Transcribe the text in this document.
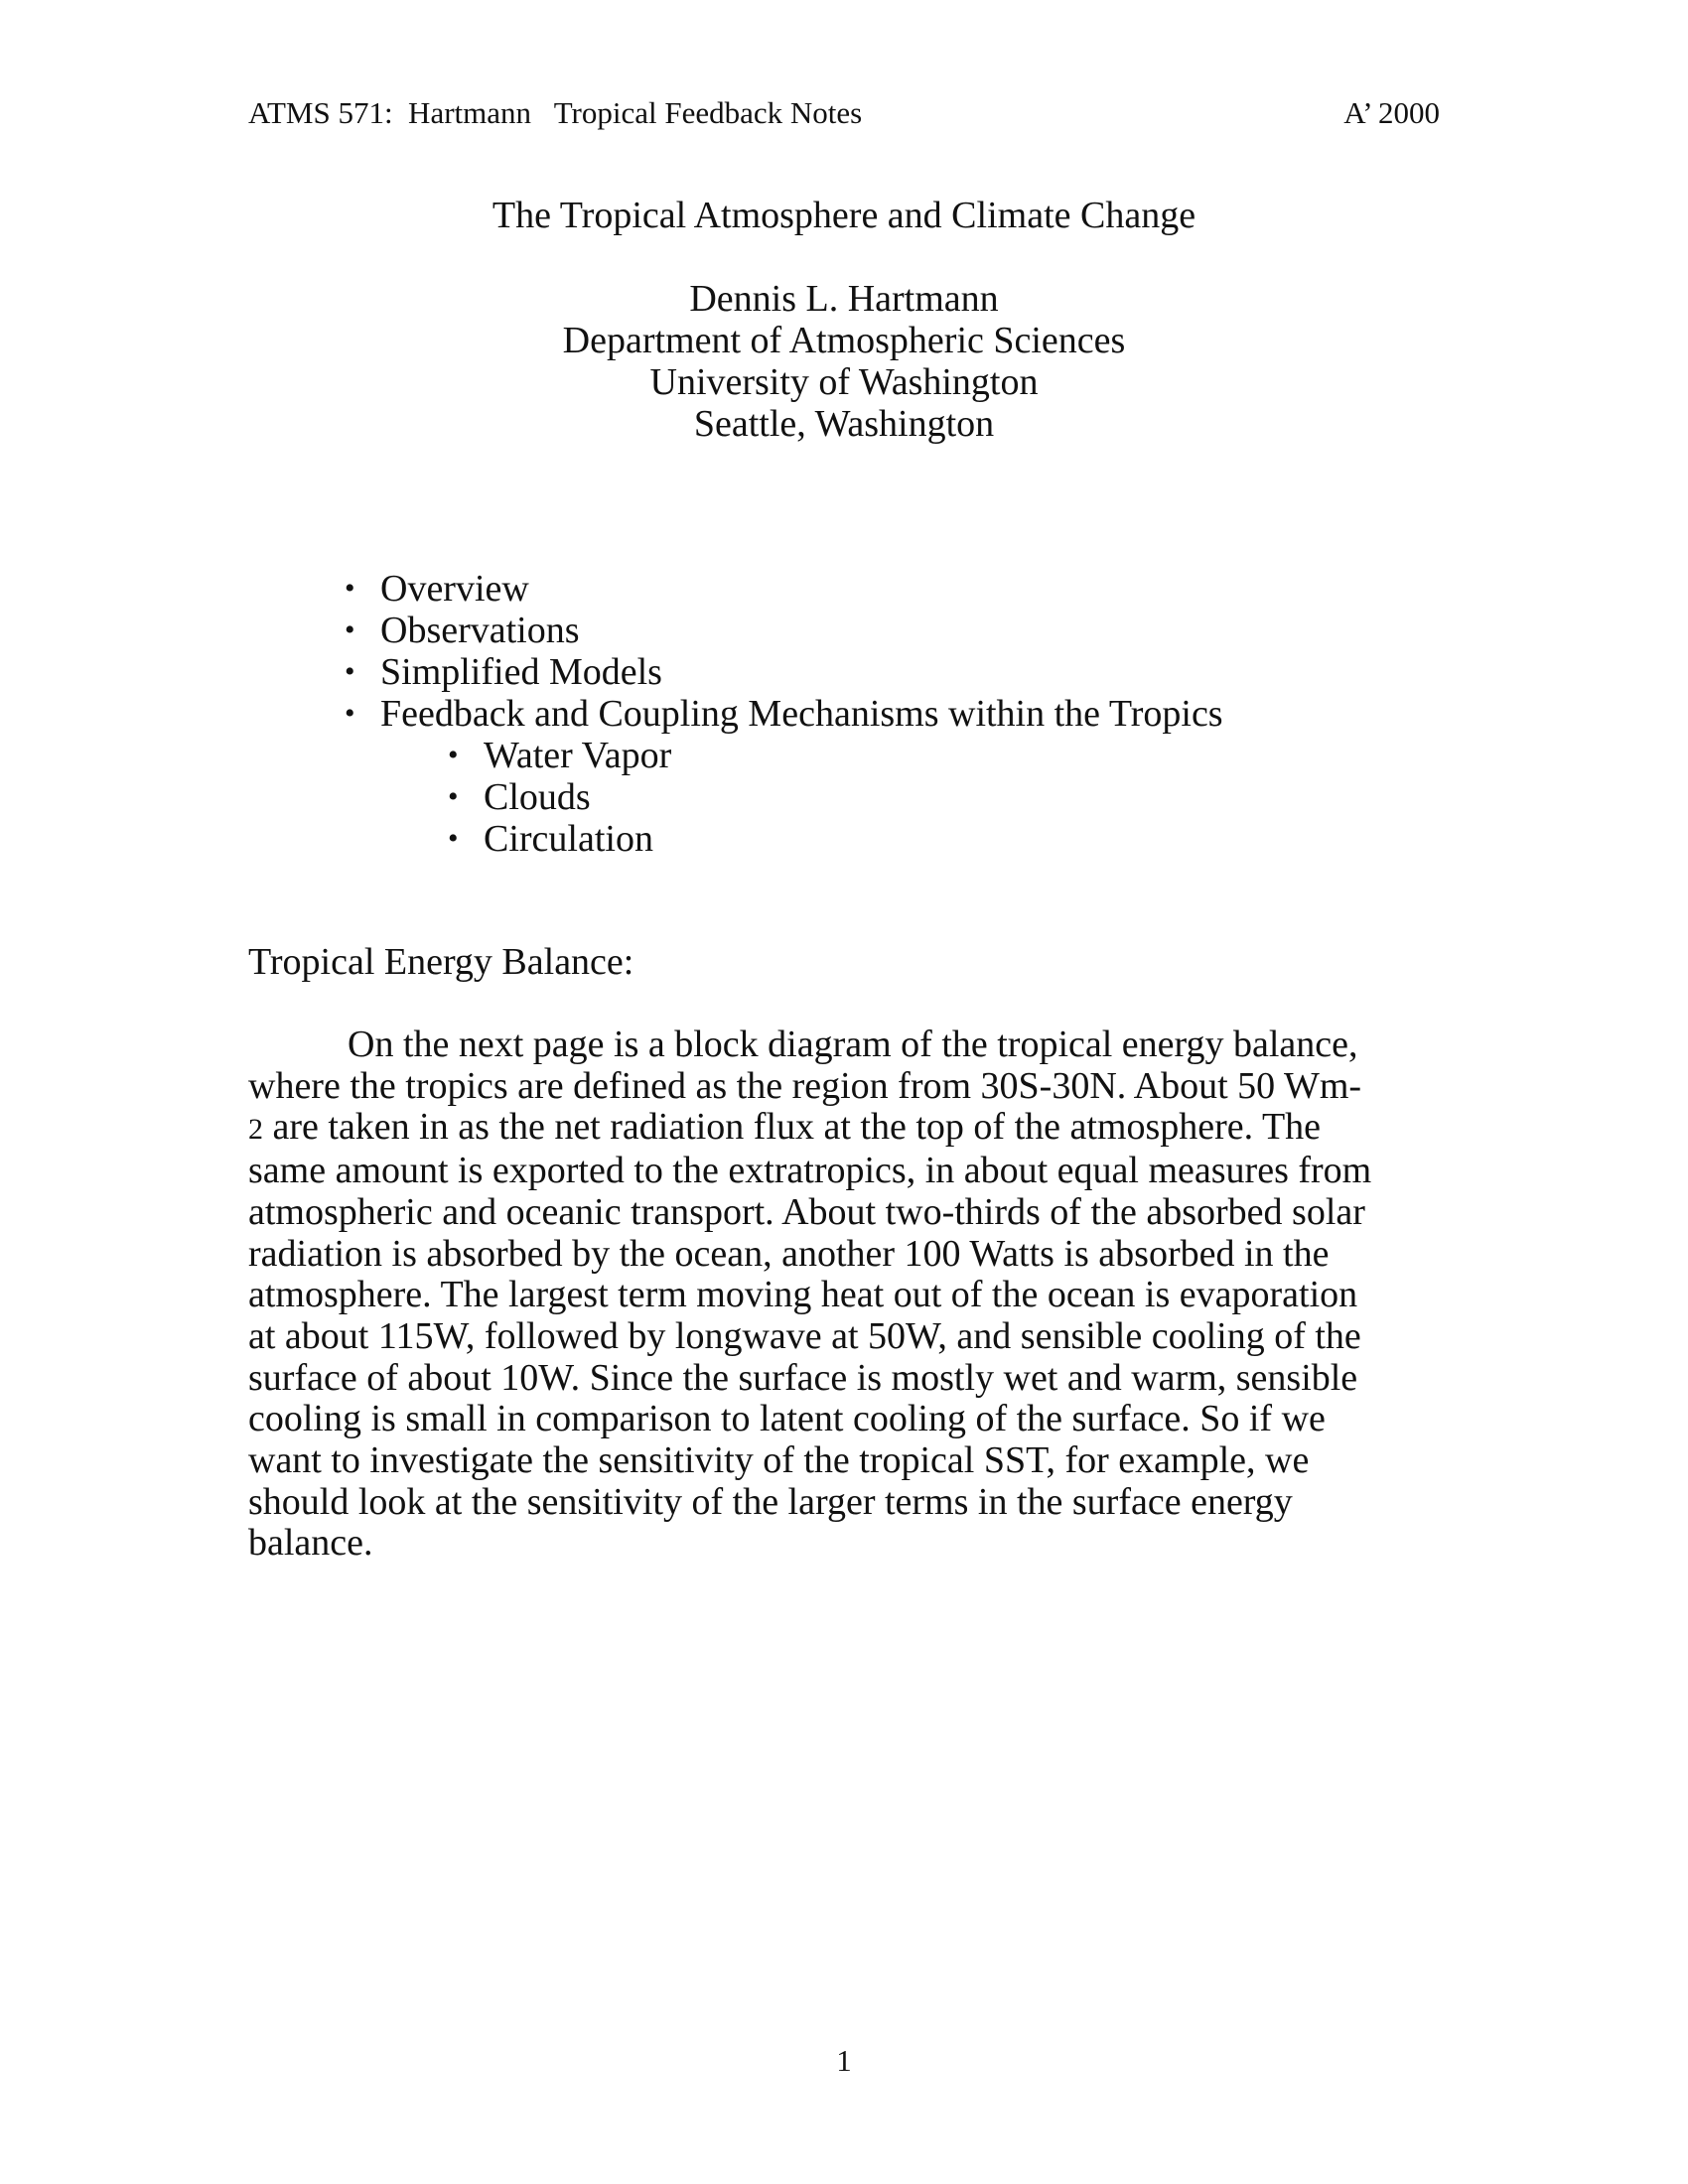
ATMS 571:  Hartmann   Tropical Feedback Notes	A’ 2000
The Tropical Atmosphere and Climate Change
Dennis L. Hartmann
Department of Atmospheric Sciences
University of Washington
Seattle, Washington
• Overview
• Observations
• Simplified Models
• Feedback and Coupling Mechanisms within the Tropics
• Water Vapor
• Clouds
• Circulation
Tropical Energy Balance:
On the next page is a block diagram of the tropical energy balance,
where the tropics are defined as the region from 30S-30N. About 50 Wm-
2 are taken in as the net radiation flux at the top of the atmosphere. The
same amount is exported to the extratropics, in about equal measures from
atmospheric and oceanic transport. About two-thirds of the absorbed solar
radiation is absorbed by the ocean, another 100 Watts is absorbed in the
atmosphere. The largest term moving heat out of the ocean is evaporation
at about 115W, followed by longwave at 50W, and sensible cooling of the
surface of about 10W. Since the surface is mostly wet and warm, sensible
cooling is small in comparison to latent cooling of the surface. So if we
want to investigate the sensitivity of the tropical SST, for example, we
should look at the sensitivity of the larger terms in the surface energy
balance.
1
